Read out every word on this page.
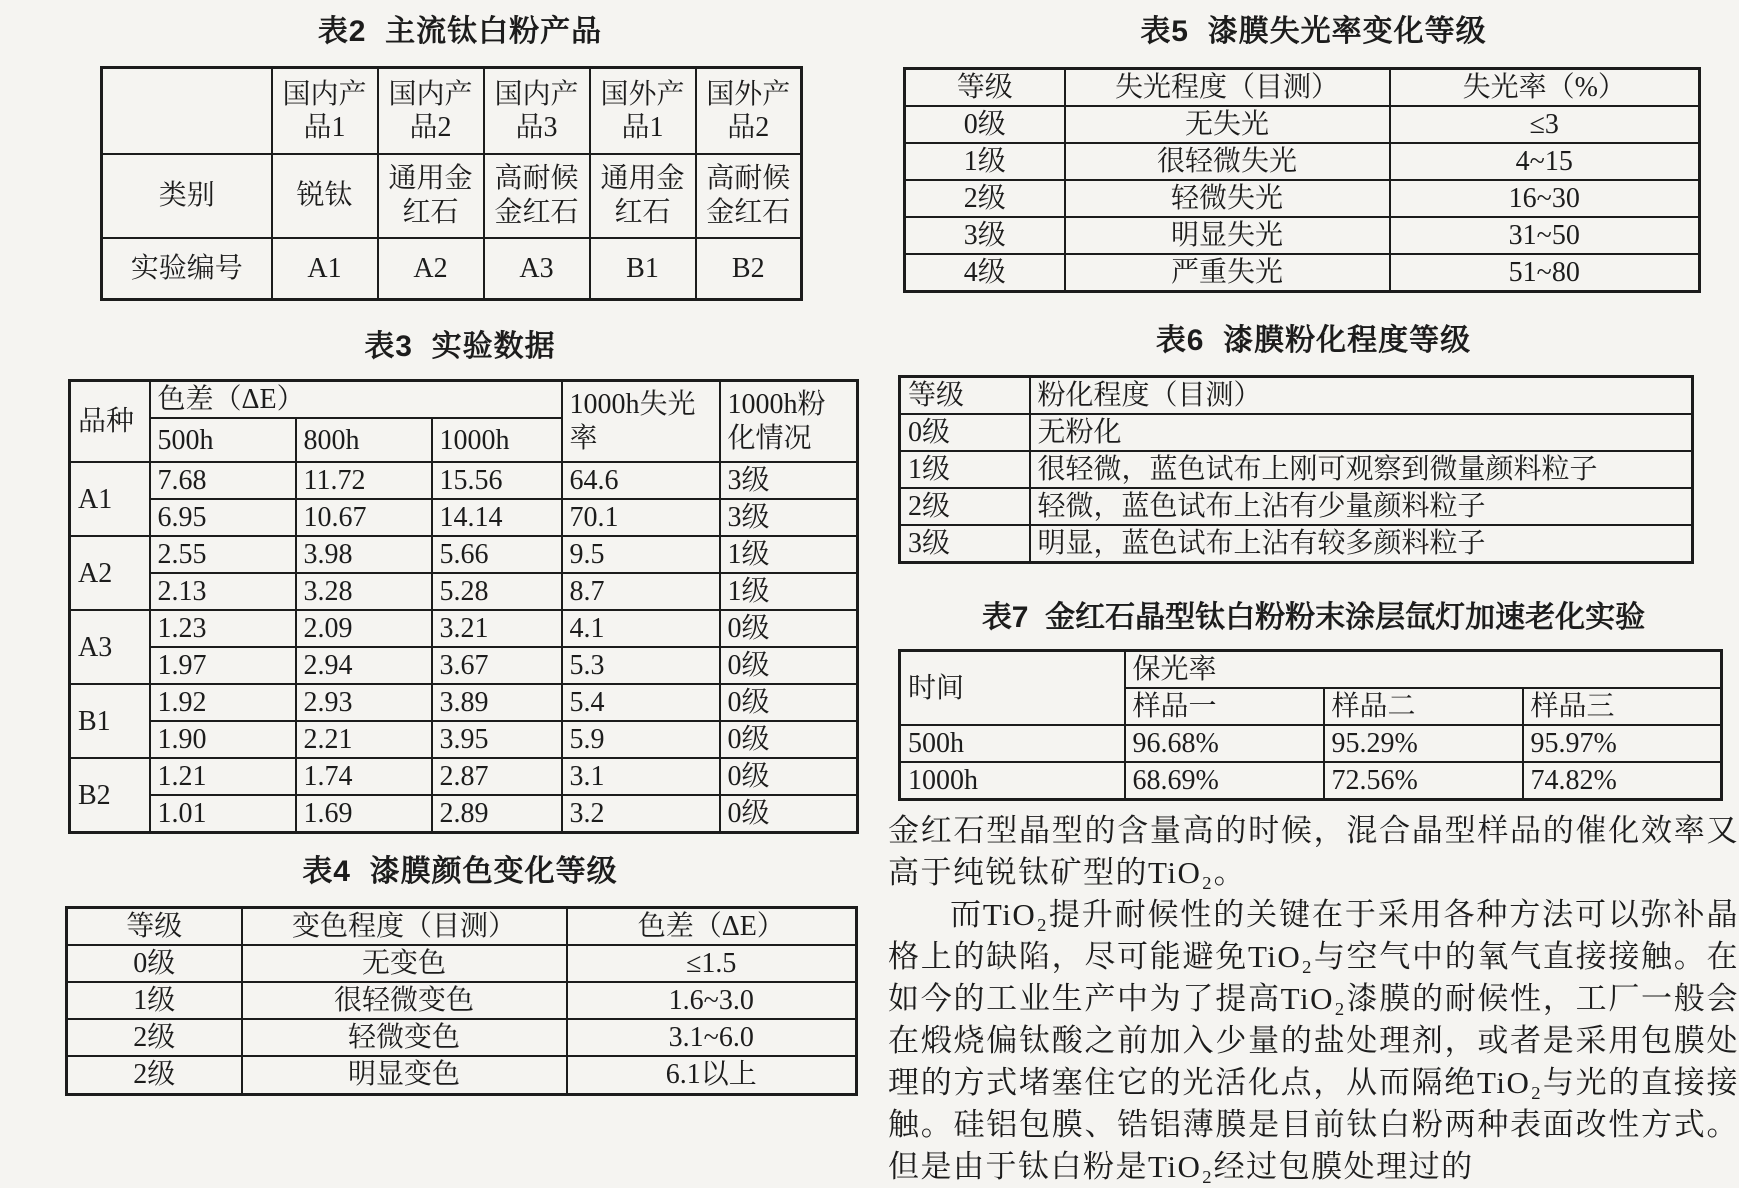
表2  主流钛白粉产品
	国内产品1	国内产品2	国内产品3	国外产品1	国外产品2
类别	锐钛	通用金红石	高耐候金红石	通用金红石	高耐候金红石
实验编号	A1	A2	A3	B1	B2
表3  实验数据
品种	色差（ΔE）			1000h失光率	1000h粉化情况
	500h	800h	1000h		
A1	7.68	11.72	15.56	64.6	3级
	6.95	10.67	14.14	70.1	3级
A2	2.55	3.98	5.66	9.5	1级
	2.13	3.28	5.28	8.7	1级
A3	1.23	2.09	3.21	4.1	0级
	1.97	2.94	3.67	5.3	0级
B1	1.92	2.93	3.89	5.4	0级
	1.90	2.21	3.95	5.9	0级
B2	1.21	1.74	2.87	3.1	0级
	1.01	1.69	2.89	3.2	0级
表4  漆膜颜色变化等级
等级	变色程度（目测）	色差（ΔE）
0级	无变色	≤1.5
1级	很轻微变色	1.6~3.0
2级	轻微变色	3.1~6.0
2级	明显变色	6.1以上
表5  漆膜失光率变化等级
等级	失光程度（目测）	失光率（%）
0级	无失光	≤3
1级	很轻微失光	4~15
2级	轻微失光	16~30
3级	明显失光	31~50
4级	严重失光	51~80
表6  漆膜粉化程度等级
等级	粉化程度（目测）
0级	无粉化
1级	很轻微，蓝色试布上刚可观察到微量颜料粒子
2级	轻微，蓝色试布上沾有少量颜料粒子
3级	明显，蓝色试布上沾有较多颜料粒子
表7  金红石晶型钛白粉粉末涂层氙灯加速老化实验
时间	保光率		
	样品一	样品二	样品三
500h	96.68%	95.29%	95.97%
1000h	68.69%	72.56%	74.82%

金红石型晶型的含量高的时候，混合晶型样品的催化效率又高于纯锐钛矿型的TiO₂。

而TiO₂提升耐候性的关键在于采用各种方法可以弥补晶格上的缺陷，尽可能避免TiO₂与空气中的氧气直接接触。在如今的工业生产中为了提高TiO₂漆膜的耐候性，工厂一般会在煅烧偏钛酸之前加入少量的盐处理剂，或者是采用包膜处理的方式堵塞住它的光活化点，从而隔绝TiO₂与光的直接接触。硅铝包膜、锆铝薄膜是目前钛白粉两种表面改性方式。但是由于钛白粉是TiO₂经过包膜处理过的
